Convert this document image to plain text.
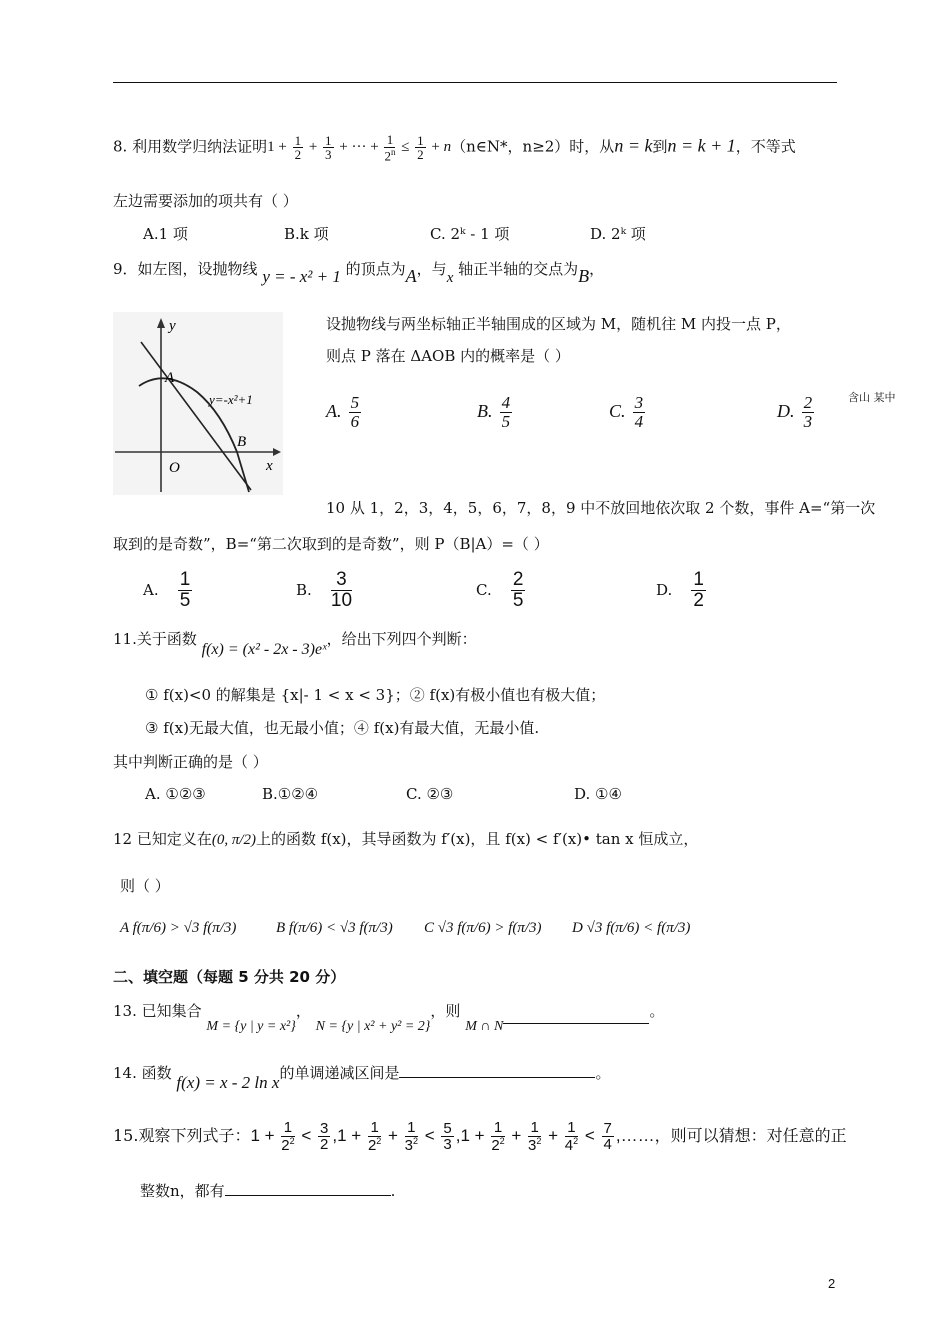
8. 利用数学归纳法证明$1 + \frac{1}{2} + \frac{1}{3}$ + ··· + $\frac{1}{2^n} \le \frac{1}{2}$ + n（n∈N*，n≥2）时，从n = k到n = k + 1，不等式
左边需要添加的项共有（ ）
A.1 项	B.k 项	C. 2ᵏ - 1 项	D. 2ᵏ 项
9．如左图，设抛物线 y = - x² + 1 的顶点为A，与x 轴正半轴的交点为B，
y
x
O
A
B
y=-x²+1
设抛物线与两坐标轴正半轴围成的区域为 M，随机往 M 内投一点 P，
则点 P 落在 ΔAOB 内的概率是（ ）
A. $\frac{5}{6}$	B. $\frac{4}{5}$	C. $\frac{3}{4}$	D. $\frac{2}{3}$	含山 某中
10 从 1，2，3，4，5，6，7，8，9 中不放回地依次取 2 个数，事件 A=“第一次
取到的是奇数”，B=“第二次取到的是奇数”，则 P（B|A）=（ ）
A. $\frac{1}{5}$	B. $\frac{3}{10}$	C. $\frac{2}{5}$	D. $\frac{1}{2}$
11.关于函数 f(x) = (x² - 2x - 3)eˣ，给出下列四个判断：
① f(x)<0 的解集是 {x|- 1 < x < 3}；② f(x)有极小值也有极大值；
③ f(x)无最大值，也无最小值；④ f(x)有最大值，无最小值.
其中判断正确的是（ ）
A. ①②③	B.①②④	C. ②③	D. ①④
12 已知定义在(0, π/2)上的函数 f(x)，其导函数为 f′(x)，且 f(x) < f′(x)• tan x 恒成立，
则（ ）
A f(π/6) > √3 f(π/3)	B f(π/6) < √3 f(π/3) C √3 f(π/6) > f(π/3) D √3 f(π/6) < f(π/3)
二、填空题（每题 5 分共 20 分）
13. 已知集合 M = {y | y = x²}， N = {y | x² + y² = 2}，则 M ∩ N。
14. 函数 f(x) = x - 2 ln x的单调递减区间是	。
15.观察下列式子：$1 + \frac{1}{2^2} < \frac{3}{2} ,1 + \frac{1}{2^2} + \frac{1}{3^2} < \frac{5}{3} ,1 + \frac{1}{2^2} + \frac{1}{3^2} + \frac{1}{4^2} < \frac{7}{4}$ ,……，则可以猜想：对任意的正
整数n，都有	.
2
